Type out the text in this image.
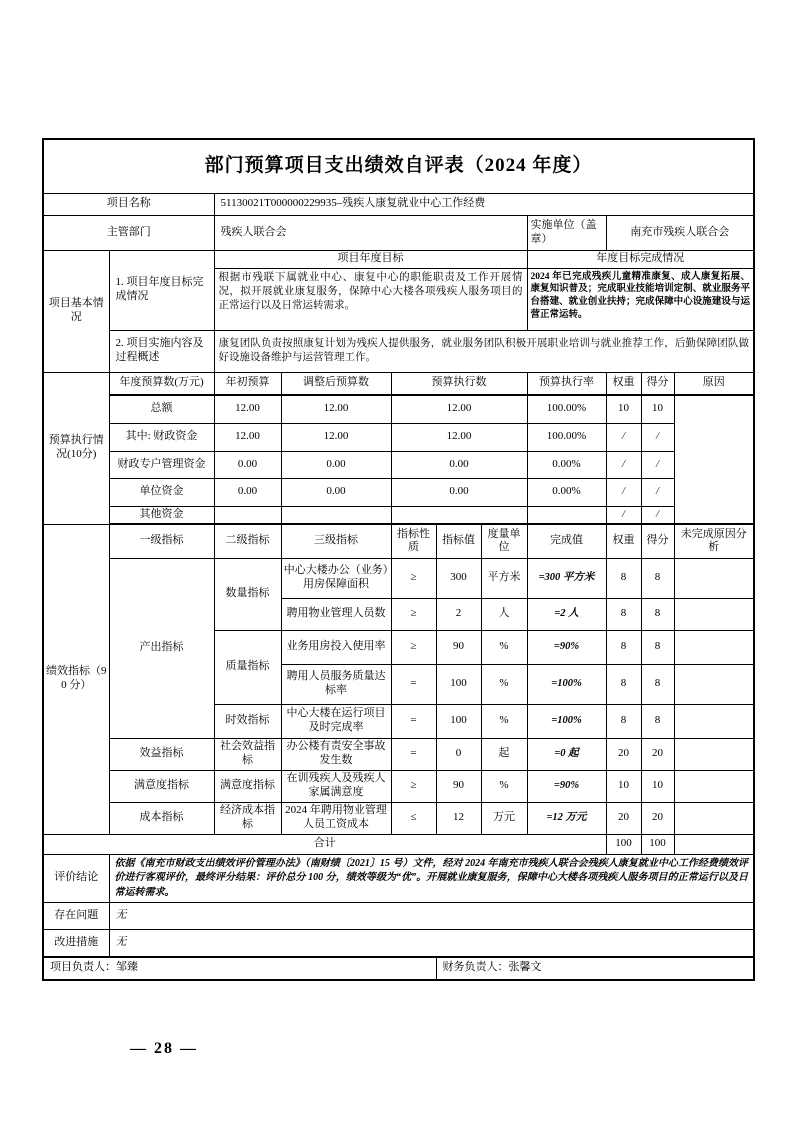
部门预算项目支出绩效自评表（2024 年度）										
项目名称		51130021T000000229935–残疾人康复就业中心工作经费								
主管部门		残疾人联合会					实施单位（盖章）	南充市残疾人联合会		
项目基本情况	1. 项目年度目标完成情况	项目年度目标					年度目标完成情况			
		根据市残联下属就业中心、康复中心的职能职责及工作开展情况，拟开展就业康复服务，保障中心大楼各项残疾人服务项目的正常运行以及日常运转需求。					2024 年已完成残疾儿童精准康复、成人康复拓展、康复知识普及；完成职业技能培训定制、就业服务平台搭建、就业创业扶持；完成保障中心设施建设与运营正常运转。			
	2. 项目实施内容及过程概述	康复团队负责按照康复计划为残疾人提供服务，就业服务团队积极开展职业培训与就业推荐工作，后勤保障团队做好设施设备维护与运营管理工作。								
预算执行情况(10分)	年度预算数(万元)	年初预算	调整后预算数	预算执行数			预算执行率	权重	得分	原因
	总额	12.00	12.00	12.00			100.00%	10	10	
	其中: 财政资金	12.00	12.00	12.00			100.00%	/	/	
	财政专户管理资金	0.00	0.00	0.00			0.00%	/	/	
	单位资金	0.00	0.00	0.00			0.00%	/	/	
	其他资金							/	/	
绩效指标（90 分）	一级指标	二级指标	三级指标	指标性质	指标值	度量单位	完成值	权重	得分	未完成原因分析
	产出指标	数量指标	中心大楼办公（业务）用房保障面积	≥	300	平方米	=300 平方米	8	8	
			聘用物业管理人员数	≥	2	人	=2 人	8	8	
		质量指标	业务用房投入使用率	≥	90	%	=90%	8	8	
			聘用人员服务质量达标率	=	100	%	=100%	8	8	
		时效指标	中心大楼在运行项目及时完成率	=	100	%	=100%	8	8	
	效益指标	社会效益指标	办公楼有责安全事故发生数	=	0	起	=0 起	20	20	
	满意度指标	满意度指标	在训残疾人及残疾人家属满意度	≥	90	%	=90%	10	10	
	成本指标	经济成本指标	2024 年聘用物业管理人员工资成本	≤	12	万元	=12 万元	20	20	
合计								100	100	
评价结论	依据《南充市财政支出绩效评价管理办法》（南财绩〔2021〕15 号）文件，经对 2024 年南充市残疾人联合会残疾人康复就业中心工作经费绩效评价进行客观评价，最终评分结果：评价总分 100 分，绩效等级为“优”。开展就业康复服务，保障中心大楼各项残疾人服务项目的正常运行以及日常运转需求。									
存在问题	无									
改进措施	无									
项目负责人：邹臻					财务负责人：张馨文					
— 28 —
